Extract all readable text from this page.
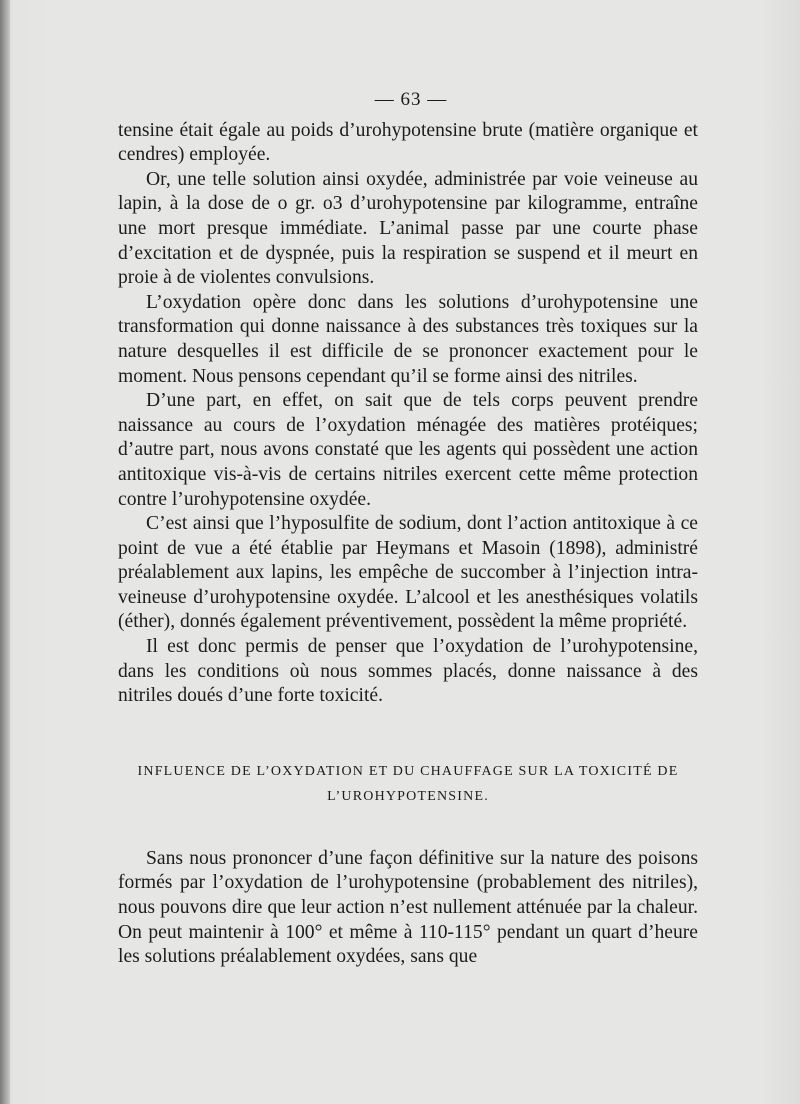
— 63 —

tensine était égale au poids d’urohypotensine brute (matière organique et cendres) employée.

Or, une telle solution ainsi oxydée, administrée par voie veineuse au lapin, à la dose de o gr. o3 d’urohypotensine par kilogramme, entraîne une mort presque immédiate. L’animal passe par une courte phase d’excitation et de dyspnée, puis la respiration se suspend et il meurt en proie à de violentes convulsions.

L’oxydation opère donc dans les solutions d’urohypotensine une transformation qui donne naissance à des substances très toxiques sur la nature desquelles il est difficile de se prononcer exactement pour le moment. Nous pensons cependant qu’il se forme ainsi des nitriles.

D’une part, en effet, on sait que de tels corps peuvent prendre naissance au cours de l’oxydation ménagée des matières protéiques; d’autre part, nous avons constaté que les agents qui possèdent une action antitoxique vis-à-vis de certains nitriles exercent cette même protection contre l’urohypotensine oxydée.

C’est ainsi que l’hyposulfite de sodium, dont l’action antitoxique à ce point de vue a été établie par Heymans et Masoin (1898), administré préalablement aux lapins, les empêche de succomber à l’injection intra-veineuse d’urohypotensine oxydée. L’alcool et les anesthésiques volatils (éther), donnés également préventivement, possèdent la même propriété.

Il est donc permis de penser que l’oxydation de l’urohypotensine, dans les conditions où nous sommes placés, donne naissance à des nitriles doués d’une forte toxicité.

INFLUENCE DE L’OXYDATION ET DU CHAUFFAGE SUR LA TOXICITÉ DE
L’UROHYPOTENSINE.

Sans nous prononcer d’une façon définitive sur la nature des poisons formés par l’oxydation de l’urohypotensine (probablement des nitriles), nous pouvons dire que leur action n’est nullement atténuée par la chaleur. On peut maintenir à 100° et même à 110-115° pendant un quart d’heure les solutions préalablement oxydées, sans que
